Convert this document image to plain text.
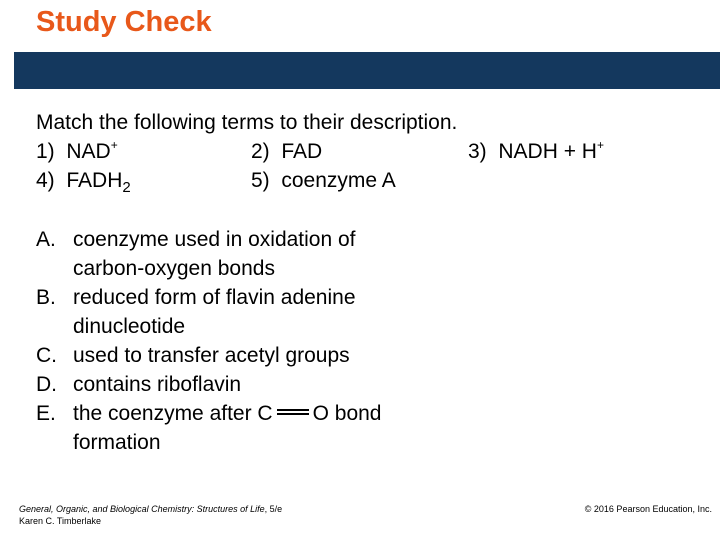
Study Check
Match the following terms to their description.
1) NAD+	2) FAD	3) NADH + H+
4) $FADH_2$	5) coenzyme A
A. coenzyme used in oxidation of
carbon-oxygen bonds
B. reduced form of flavin adenine
dinucleotide
C. used to transfer acetyl groups
D. contains riboflavin
E. the coenzyme after C O bond
formation
General, Organic, and Biological Chemistry: Structures of Life, 5/e
Karen C. Timberlake
© 2016 Pearson Education, Inc.
